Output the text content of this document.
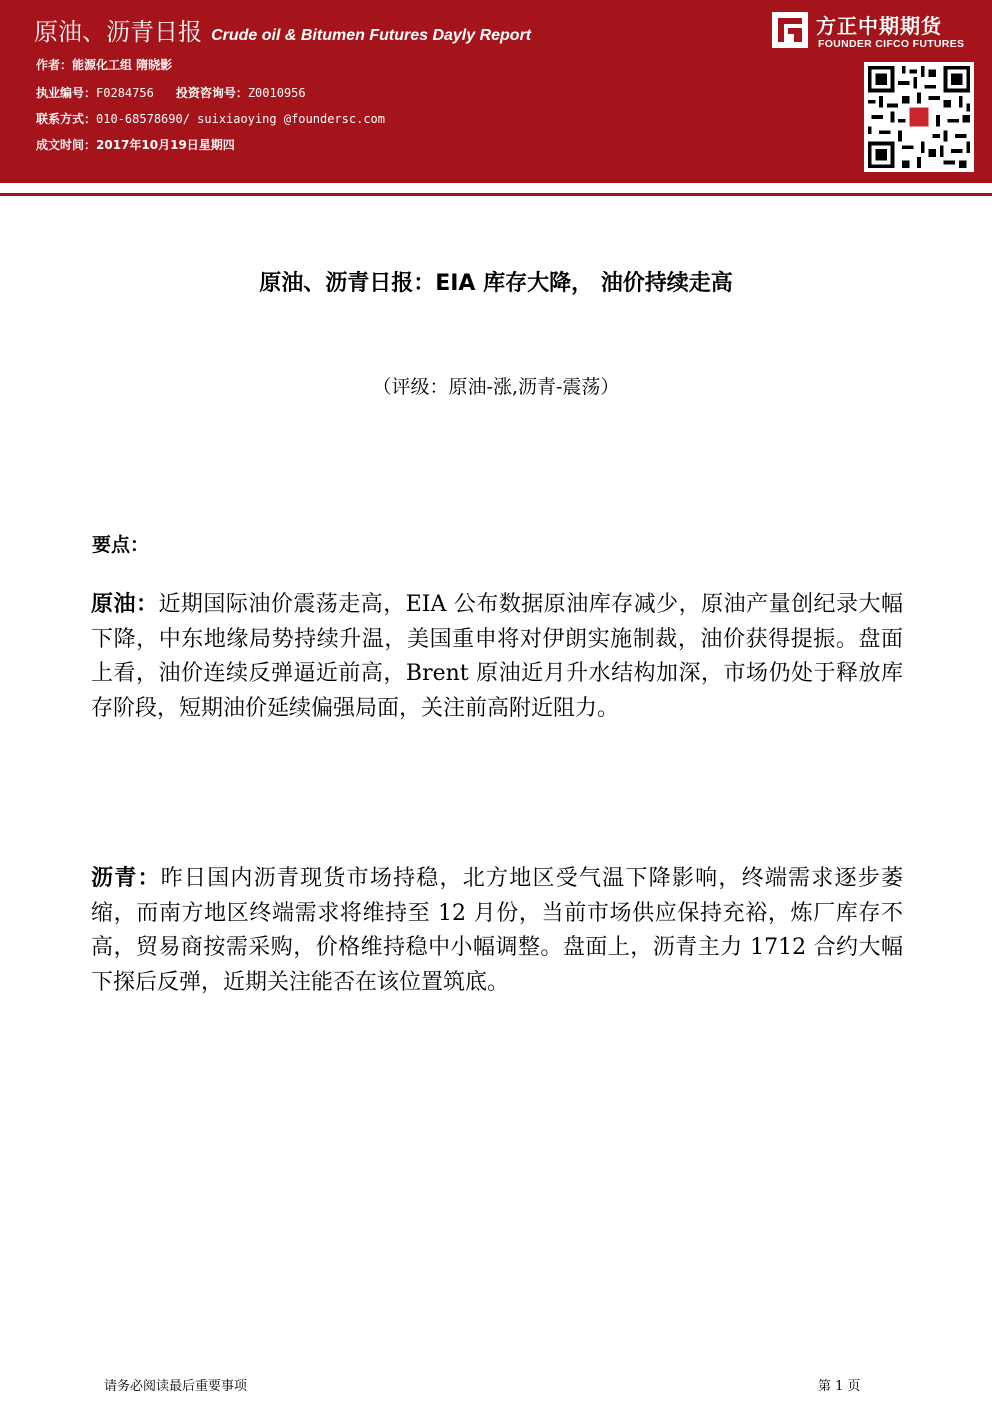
原油、沥青日报 Crude oil & Bitumen Futures Dayly Report
作者：能源化工组 隋晓影
执业编号：F0284756 投资咨询号：Z0010956
联系方式：010-68578690/ suixiaoying @foundersc.com
成文时间：2017年10月19日星期四
方正中期期货
FOUNDER CIFCO FUTURES
原油、沥青日报：EIA 库存大降， 油价持续走高
（评级：原油-涨,沥青-震荡）
要点：
原油：近期国际油价震荡走高，EIA 公布数据原油库存减少，原油产量创纪录大幅下降，中东地缘局势持续升温，美国重申将对伊朗实施制裁，油价获得提振。盘面上看，油价连续反弹逼近前高，Brent 原油近月升水结构加深，市场仍处于释放库存阶段，短期油价延续偏强局面，关注前高附近阻力。
沥青：昨日国内沥青现货市场持稳，北方地区受气温下降影响，终端需求逐步萎缩，而南方地区终端需求将维持至 12 月份，当前市场供应保持充裕，炼厂库存不高，贸易商按需采购，价格维持稳中小幅调整。盘面上，沥青主力 1712 合约大幅下探后反弹，近期关注能否在该位置筑底。
请务必阅读最后重要事项	第 1 页
